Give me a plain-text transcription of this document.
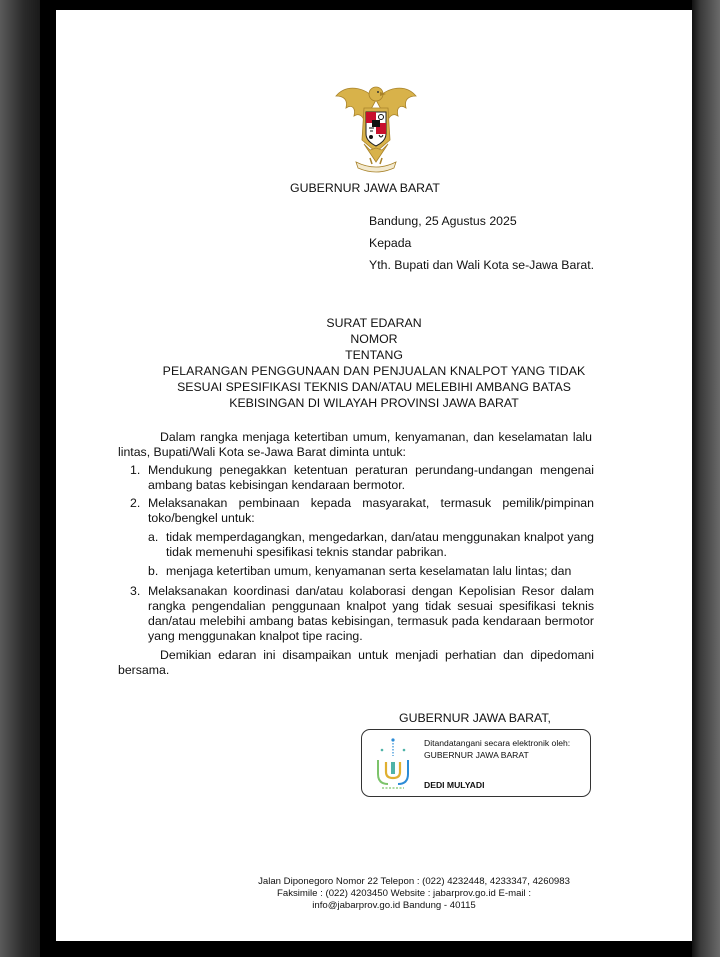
GUBERNUR JAWA BARAT
Bandung, 25 Agustus 2025
Kepada
Yth. Bupati dan Wali Kota se-Jawa Barat.
SURAT EDARAN
NOMOR
TENTANG
PELARANGAN PENGGUNAAN DAN PENJUALAN KNALPOT YANG TIDAK
SESUAI SPESIFIKASI TEKNIS DAN/ATAU MELEBIHI AMBANG BATAS
KEBISINGAN DI WILAYAH PROVINSI JAWA BARAT
Dalam rangka menjaga ketertiban umum, kenyamanan, dan keselamatan lalu
lintas, Bupati/Wali Kota se-Jawa Barat diminta untuk:
1. Mendukung penegakkan ketentuan peraturan perundang-undangan mengenai
ambang batas kebisingan kendaraan bermotor.
2. Melaksanakan pembinaan kepada masyarakat, termasuk pemilik/pimpinan
toko/bengkel untuk:
a. tidak memperdagangkan, mengedarkan, dan/atau menggunakan knalpot yang
tidak memenuhi spesifikasi teknis standar pabrikan.
b. menjaga ketertiban umum, kenyamanan serta keselamatan lalu lintas; dan
3. Melaksanakan koordinasi dan/atau kolaborasi dengan Kepolisian Resor dalam
rangka pengendalian penggunaan knalpot yang tidak sesuai spesifikasi teknis
dan/atau melebihi ambang batas kebisingan, termasuk pada kendaraan bermotor
yang menggunakan knalpot tipe racing.
Demikian edaran ini disampaikan untuk menjadi perhatian dan dipedomani
bersama.
GUBERNUR JAWA BARAT,
Ditandatangani secara elektronik oleh:
GUBERNUR JAWA BARAT
DEDI MULYADI
Jalan Diponegoro Nomor 22 Telepon : (022) 4232448, 4233347, 4260983
Faksimile : (022) 4203450 Website : jabarprov.go.id E-mail :
info@jabarprov.go.id Bandung - 40115
